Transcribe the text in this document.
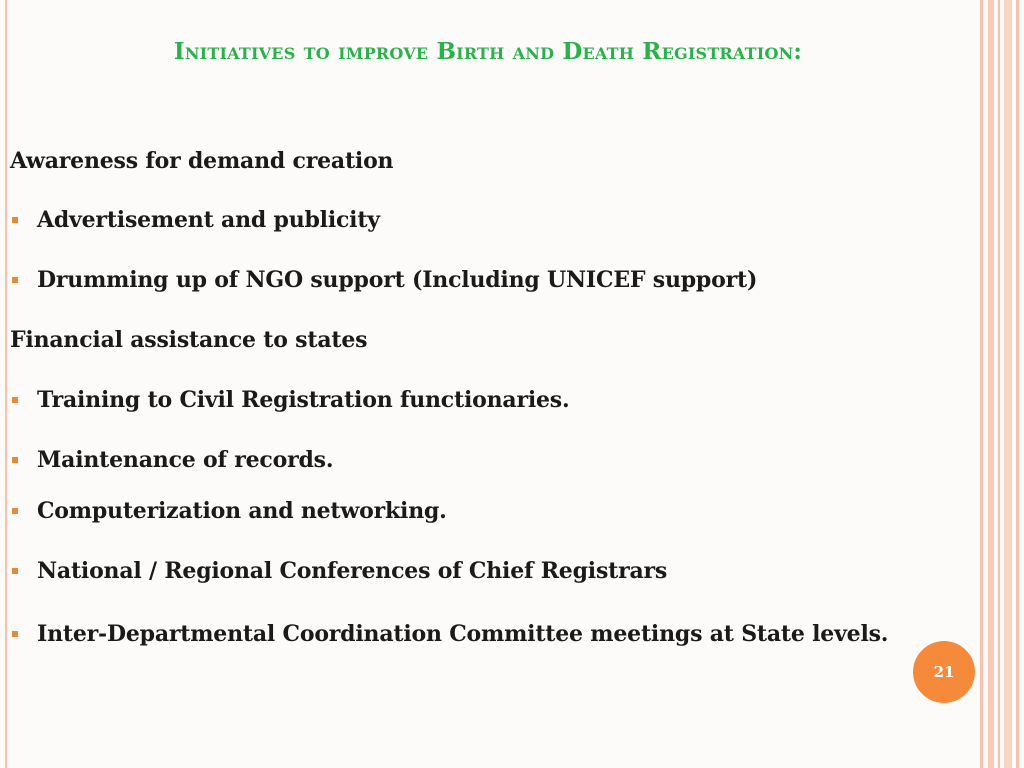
Initiatives to improve Birth and Death Registration:
Awareness for demand creation
Advertisement and publicity
Drumming up of NGO support (Including UNICEF support)
Financial assistance to states
Training to Civil Registration functionaries.
Maintenance of records.
Computerization and networking.
National / Regional Conferences of Chief Registrars
Inter-Departmental Coordination Committee meetings at State levels.
21
